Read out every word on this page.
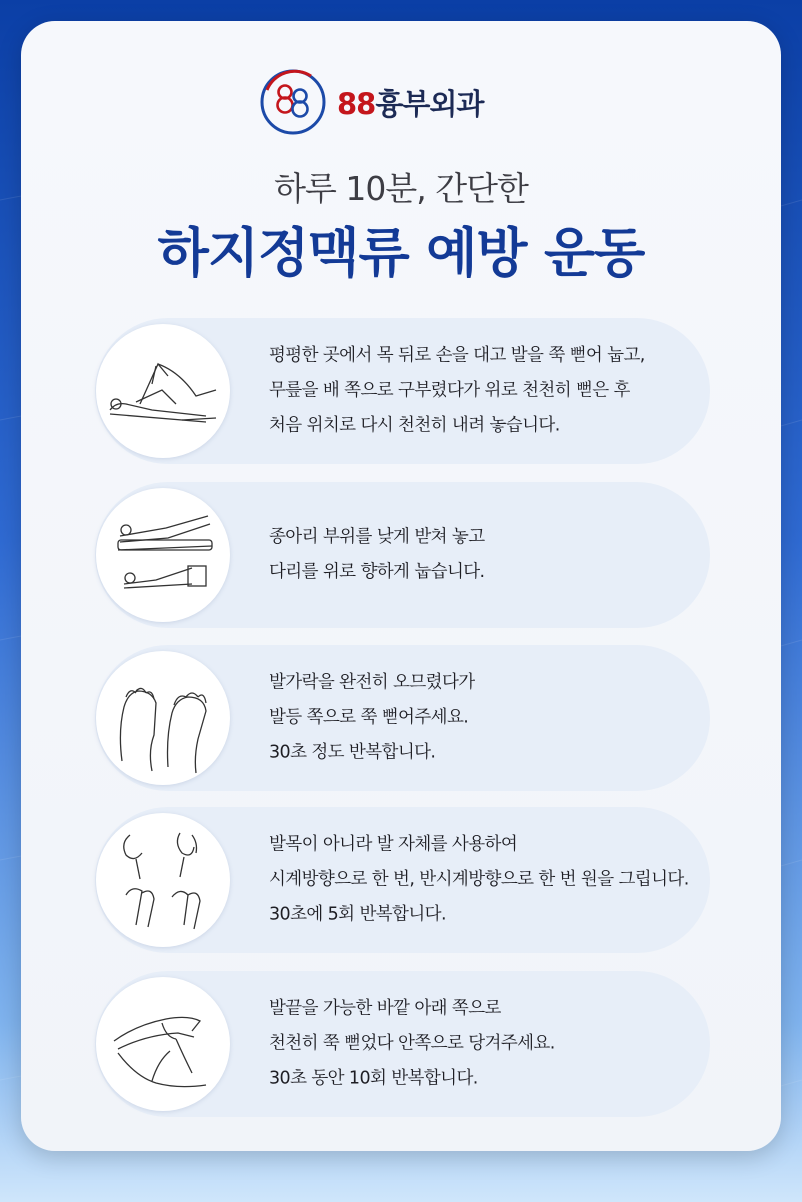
88 흉부외과
하루 10분, 간단한
하지정맥류 예방 운동
평평한 곳에서 목 뒤로 손을 대고 발을 쭉 뻗어 눕고,
무릎을 배 쪽으로 구부렸다가 위로 천천히 뻗은 후
처음 위치로 다시 천천히 내려 놓습니다.
종아리 부위를 낮게 받쳐 놓고
다리를 위로 향하게 눕습니다.
발가락을 완전히 오므렸다가
발등 쪽으로 쭉 뻗어주세요.
30초 정도 반복합니다.
발목이 아니라 발 자체를 사용하여
시계방향으로 한 번, 반시계방향으로 한 번 원을 그립니다.
30초에 5회 반복합니다.
발끝을 가능한 바깥 아래 쪽으로
천천히 쭉 뻗었다 안쪽으로 당겨주세요.
30초 동안 10회 반복합니다.
